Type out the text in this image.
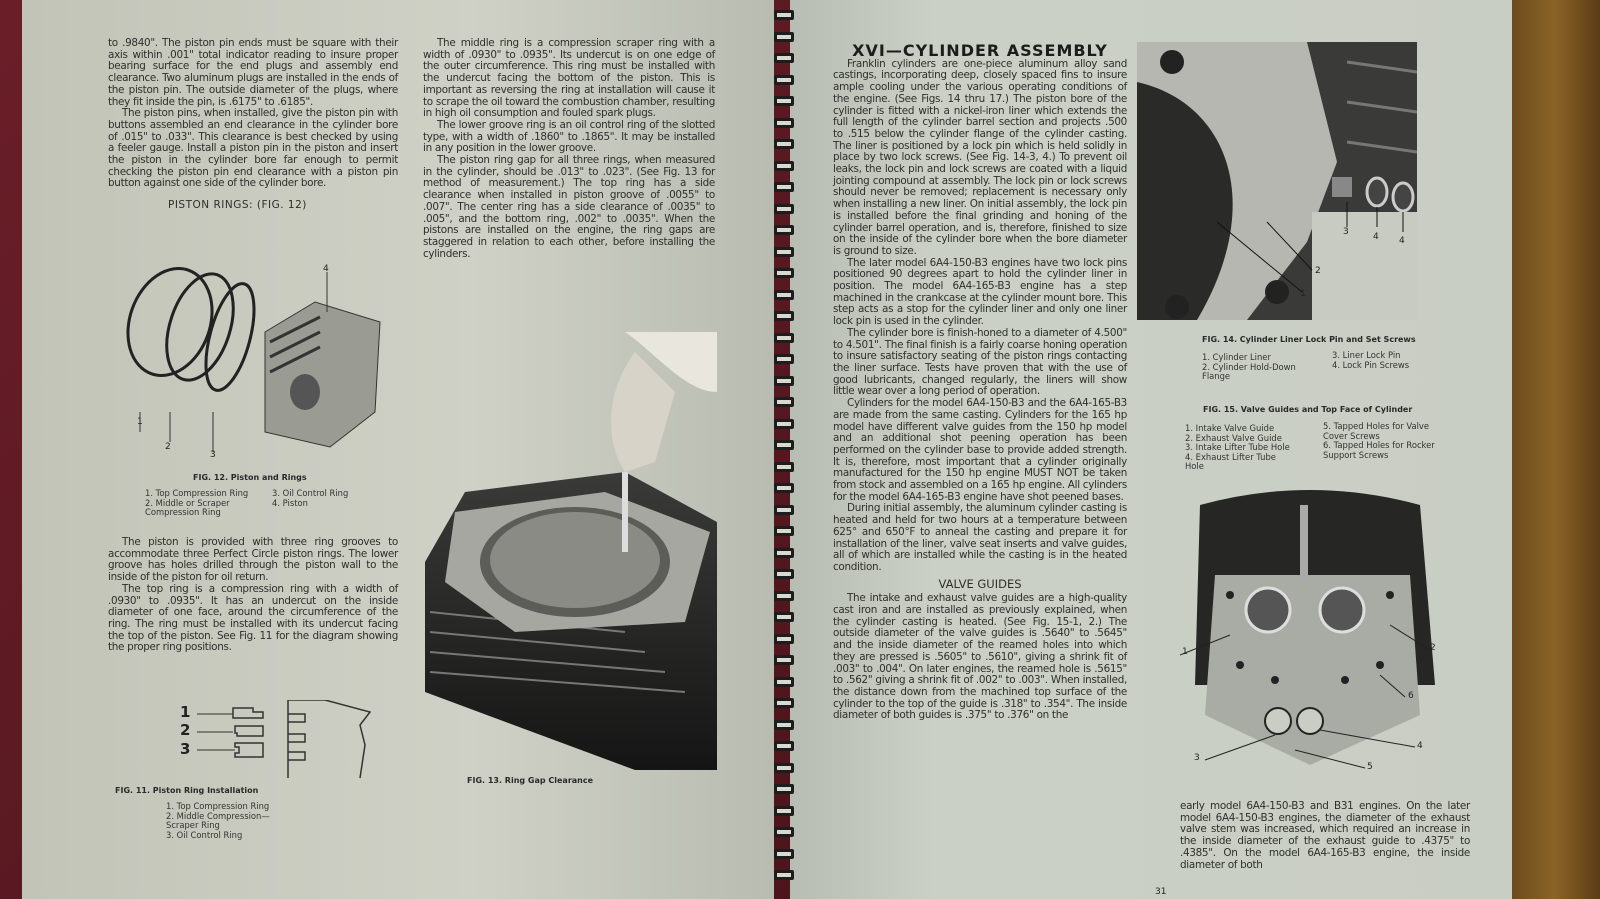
to .9840". The piston pin ends must be square with their axis within .001" total indicator reading to insure proper bearing surface for the end plugs and assembly end clearance. Two aluminum plugs are installed in the ends of the piston pin. The outside diameter of the plugs, where they fit inside the pin, is .6175" to .6185".

The piston pins, when installed, give the piston pin with buttons assembled an end clearance in the cylinder bore of .015" to .033". This clearance is best checked by using a feeler gauge. Install a piston pin in the piston and insert the piston in the cylinder bore far enough to permit checking the piston pin end clearance with a piston pin button against one side of the cylinder bore.

PISTON RINGS: (FIG. 12)
1
2
3
4
FIG. 12. Piston and Rings
1. Top Compression Ring
2. Middle or Scraper Compression Ring
3. Oil Control Ring
4. Piston

The piston is provided with three ring grooves to accommodate three Perfect Circle piston rings. The lower groove has holes drilled through the piston wall to the inside of the piston for oil return.

The top ring is a compression ring with a width of .0930" to .0935". It has an undercut on the inside diameter of one face, around the circumference of the ring. The ring must be installed with its undercut facing the top of the piston. See Fig. 11 for the diagram showing the proper ring positions.

1
2
3
FIG. 11. Piston Ring Installation
1. Top Compression Ring
2. Middle Compression— Scraper Ring
3. Oil Control Ring

The middle ring is a compression scraper ring with a width of .0930" to .0935". Its undercut is on one edge of the outer circumference. This ring must be installed with the undercut facing the bottom of the piston. This is important as reversing the ring at installation will cause it to scrape the oil toward the combustion chamber, resulting in high oil consumption and fouled spark plugs.

The lower groove ring is an oil control ring of the slotted type, with a width of .1860" to .1865". It may be installed in any position in the lower groove.

The piston ring gap for all three rings, when measured in the cylinder, should be .013" to .023". (See Fig. 13 for method of measurement.) The top ring has a side clearance when installed in piston groove of .0055" to .007". The center ring has a side clearance of .0035" to .005", and the bottom ring, .002" to .0035". When the pistons are installed on the engine, the ring gaps are staggered in relation to each other, before installing the cylinders.

FIG. 13. Ring Gap Clearance
XVI—CYLINDER ASSEMBLY

Franklin cylinders are one-piece aluminum alloy sand castings, incorporating deep, closely spaced fins to insure ample cooling under the various operating conditions of the engine. (See Figs. 14 thru 17.) The piston bore of the cylinder is fitted with a nickel-iron liner which extends the full length of the cylinder barrel section and projects .500 to .515 below the cylinder flange of the cylinder casting. The liner is positioned by a lock pin which is held solidly in place by two lock screws. (See Fig. 14-3, 4.) To prevent oil leaks, the lock pin and lock screws are coated with a liquid jointing compound at assembly. The lock pin or lock screws should never be removed; replacement is necessary only when installing a new liner. On initial assembly, the lock pin is installed before the final grinding and honing of the cylinder barrel operation, and is, therefore, finished to size on the inside of the cylinder bore when the bore diameter is ground to size.

The later model 6A4-150-B3 engines have two lock pins positioned 90 degrees apart to hold the cylinder liner in position. The model 6A4-165-B3 engine has a step machined in the crankcase at the cylinder mount bore. This step acts as a stop for the cylinder liner and only one liner lock pin is used in the cylinder.

The cylinder bore is finish-honed to a diameter of 4.500" to 4.501". The final finish is a fairly coarse honing operation to insure satisfactory seating of the piston rings contacting the liner surface. Tests have proven that with the use of good lubricants, changed regularly, the liners will show little wear over a long period of operation.

Cylinders for the model 6A4-150-B3 and the 6A4-165-B3 are made from the same casting. Cylinders for the 165 hp model have different valve guides from the 150 hp model and an additional shot peening operation has been performed on the cylinder base to provide added strength. It is, therefore, most important that a cylinder originally manufactured for the 150 hp engine MUST NOT be taken from stock and assembled on a 165 hp engine. All cylinders for the model 6A4-165-B3 engine have shot peened bases.

During initial assembly, the aluminum cylinder casting is heated and held for two hours at a temperature between 625° and 650°F to anneal the casting and prepare it for installation of the liner, valve seat inserts and valve guides, all of which are installed while the casting is in the heated condition.

VALVE GUIDES

The intake and exhaust valve guides are a high-quality cast iron and are installed as previously explained, when the cylinder casting is heated. (See Fig. 15-1, 2.) The outside diameter of the valve guides is .5640" to .5645" and the inside diameter of the reamed holes into which they are pressed is .5605" to .5610", giving a shrink fit of .003" to .004". On later engines, the reamed hole is .5615" to .562" giving a shrink fit of .002" to .003". When installed, the distance down from the machined top surface of the cylinder to the top of the guide is .318" to .354". The inside diameter of both guides is .375" to .376" on the

1
2
3	4 4
FIG. 14. Cylinder Liner Lock Pin and Set Screws
1. Cylinder Liner
2. Cylinder Hold-Down Flange
3. Liner Lock Pin
4. Lock Pin Screws
FIG. 15. Valve Guides and Top Face of Cylinder
1. Intake Valve Guide
2. Exhaust Valve Guide
3. Intake Lifter Tube Hole
4. Exhaust Lifter Tube Hole
5. Tapped Holes for Valve Cover Screws
6. Tapped Holes for Rocker Support Screws
1	2
3
4
5
6

early model 6A4-150-B3 and B31 engines. On the later model 6A4-150-B3 engines, the diameter of the exhaust valve stem was increased, which required an increase in the inside diameter of the exhaust guide to .4375" to .4385". On the model 6A4-165-B3 engine, the inside diameter of both

31
